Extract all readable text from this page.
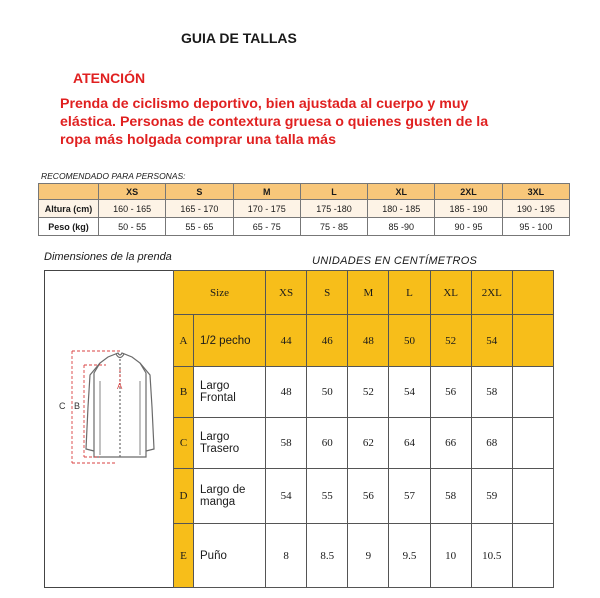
GUIA DE TALLAS
ATENCIÓN
Prenda de ciclismo deportivo, bien ajustada al cuerpo y muy elástica. Personas de contextura gruesa o quienes gusten de la ropa más holgada comprar una talla más
RECOMENDADO PARA PERSONAS:
	XS	S	M	L	XL	2XL	3XL
Altura (cm)	160 - 165	165 - 170	170 - 175	175 -180	180 - 185	185 - 190	190 - 195
Peso (kg)	50 - 55	55 - 65	65 - 75	75 - 85	85 -90	90 - 95	95 - 100
Dimensiones de la prenda	UNIDADES EN CENTÍMETROS
C B
A
Size		XS	S	M	L	XL	2XL	
A	1/2 pecho	44	46	48	50	52	54	
B	Largo Frontal	48	50	52	54	56	58	
C	Largo Trasero	58	60	62	64	66	68	
D	Largo de manga	54	55	56	57	58	59	
E	Puño	8	8.5	9	9.5	10	10.5	
